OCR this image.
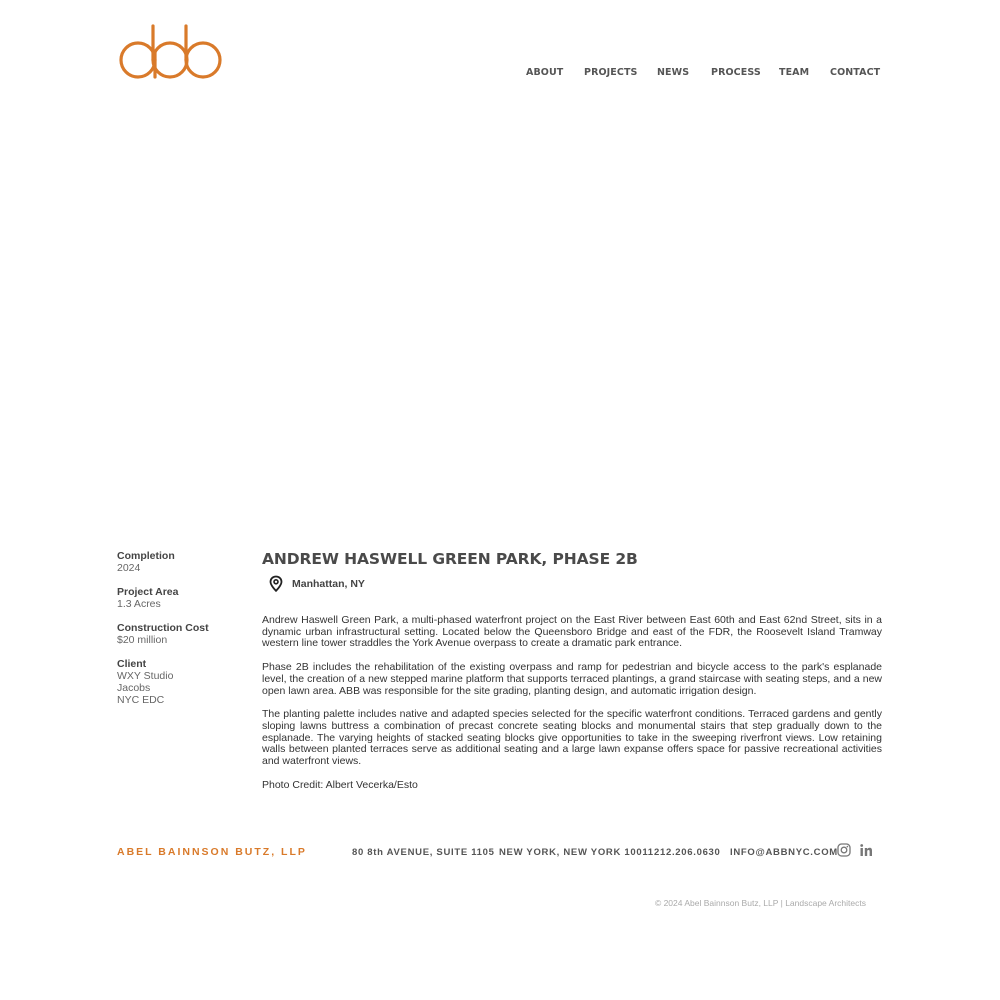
ABOUT PROJECTS NEWS PROCESS TEAM CONTACT
Completion
2024
Project Area
1.3 Acres
Construction Cost
$20 million
Client
WXY Studio
Jacobs
NYC EDC
ANDREW HASWELL GREEN PARK, PHASE 2B
Manhattan, NY

Andrew Haswell Green Park, a multi-phased waterfront project on the East River between East 60th and East 62nd Street, sits in a dynamic urban infrastructural setting. Located below the Queensboro Bridge and east of the FDR, the Roosevelt Island Tramway western line tower straddles the York Avenue overpass to create a dramatic park entrance.

Phase 2B includes the rehabilitation of the existing overpass and ramp for pedestrian and bicycle access to the park's esplanade level, the creation of a new stepped marine platform that supports terraced plantings, a grand staircase with seating steps, and a new open lawn area. ABB was responsible for the site grading, planting design, and automatic irrigation design.

The planting palette includes native and adapted species selected for the specific waterfront conditions. Terraced gardens and gently sloping lawns buttress a combination of precast concrete seating blocks and monumental stairs that step gradually down to the esplanade. The varying heights of stacked seating blocks give opportunities to take in the sweeping riverfront views. Low retaining walls between planted terraces serve as additional seating and a large lawn expanse offers space for passive recreational activities and waterfront views.

Photo Credit: Albert Vecerka/Esto

ABEL BAINNSON BUTZ, LLP	80 8th AVENUE, SUITE 1105 NEW YORK, NEW YORK 10011 212.206.0630 INFO@ABBNYC.COM
© 2024 Abel Bainnson Butz, LLP | Landscape Architects
